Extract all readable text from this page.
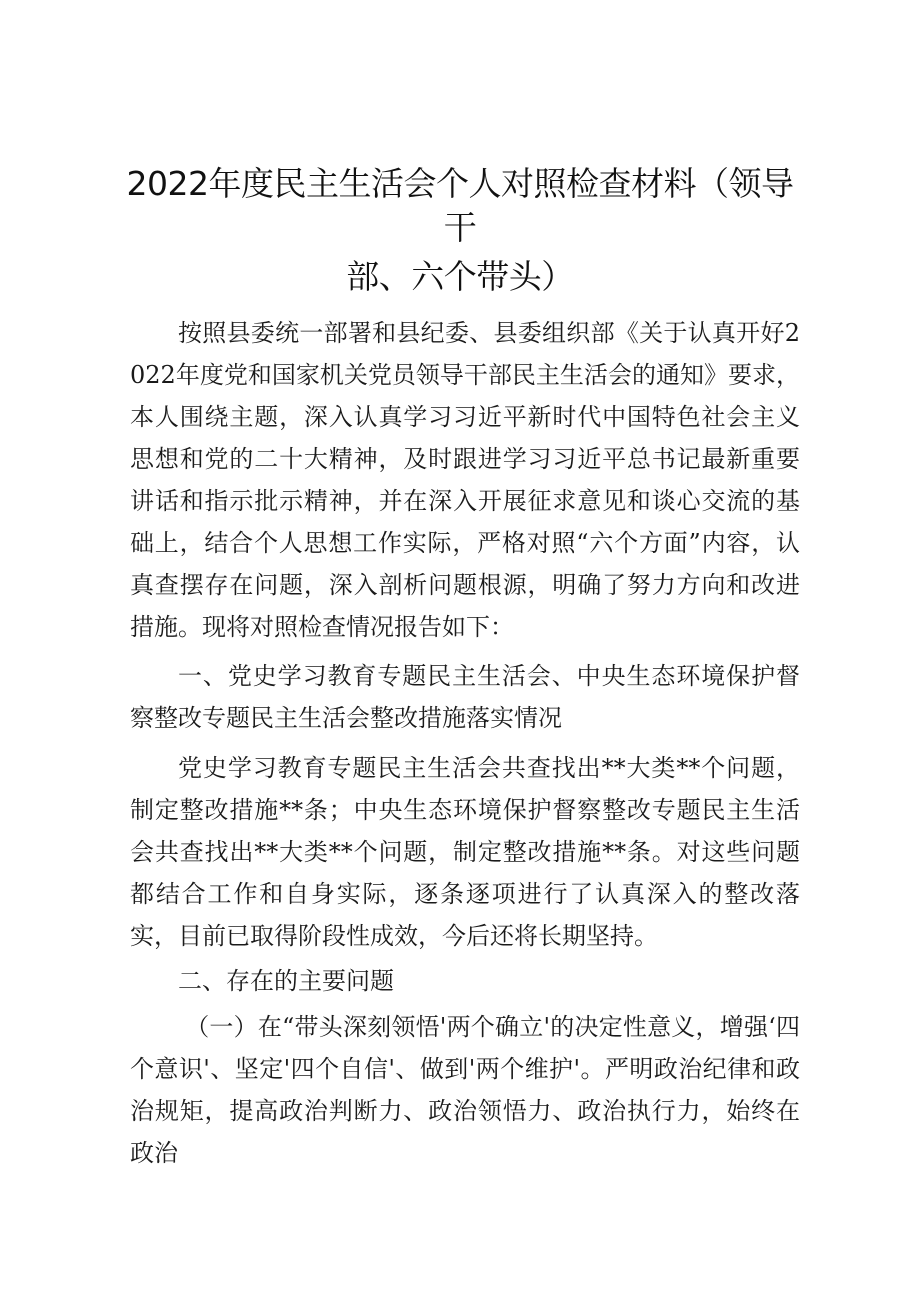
2022年度民主生活会个人对照检查材料（领导干
部、六个带头）

按照县委统一部署和县纪委、县委组织部《关于认真开好2022年度党和国家机关党员领导干部民主生活会的通知》要求，本人围绕主题，深入认真学习习近平新时代中国特色社会主义思想和党的二十大精神，及时跟进学习习近平总书记最新重要讲话和指示批示精神，并在深入开展征求意见和谈心交流的基础上，结合个人思想工作实际，严格对照“六个方面”内容，认真查摆存在问题，深入剖析问题根源，明确了努力方向和改进措施。现将对照检查情况报告如下：

一、党史学习教育专题民主生活会、中央生态环境保护督察整改专题民主生活会整改措施落实情况

党史学习教育专题民主生活会共查找出**大类**个问题，制定整改措施**条；中央生态环境保护督察整改专题民主生活会共查找出**大类**个问题，制定整改措施**条。对这些问题都结合工作和自身实际，逐条逐项进行了认真深入的整改落实，目前已取得阶段性成效，今后还将长期坚持。

二、存在的主要问题

（一）在“带头深刻领悟'两个确立'的决定性意义，增强‘四个意识'、坚定'四个自信'、做到'两个维护'。严明政治纪律和政治规矩，提高政治判断力、政治领悟力、政治执行力，始终在政治
